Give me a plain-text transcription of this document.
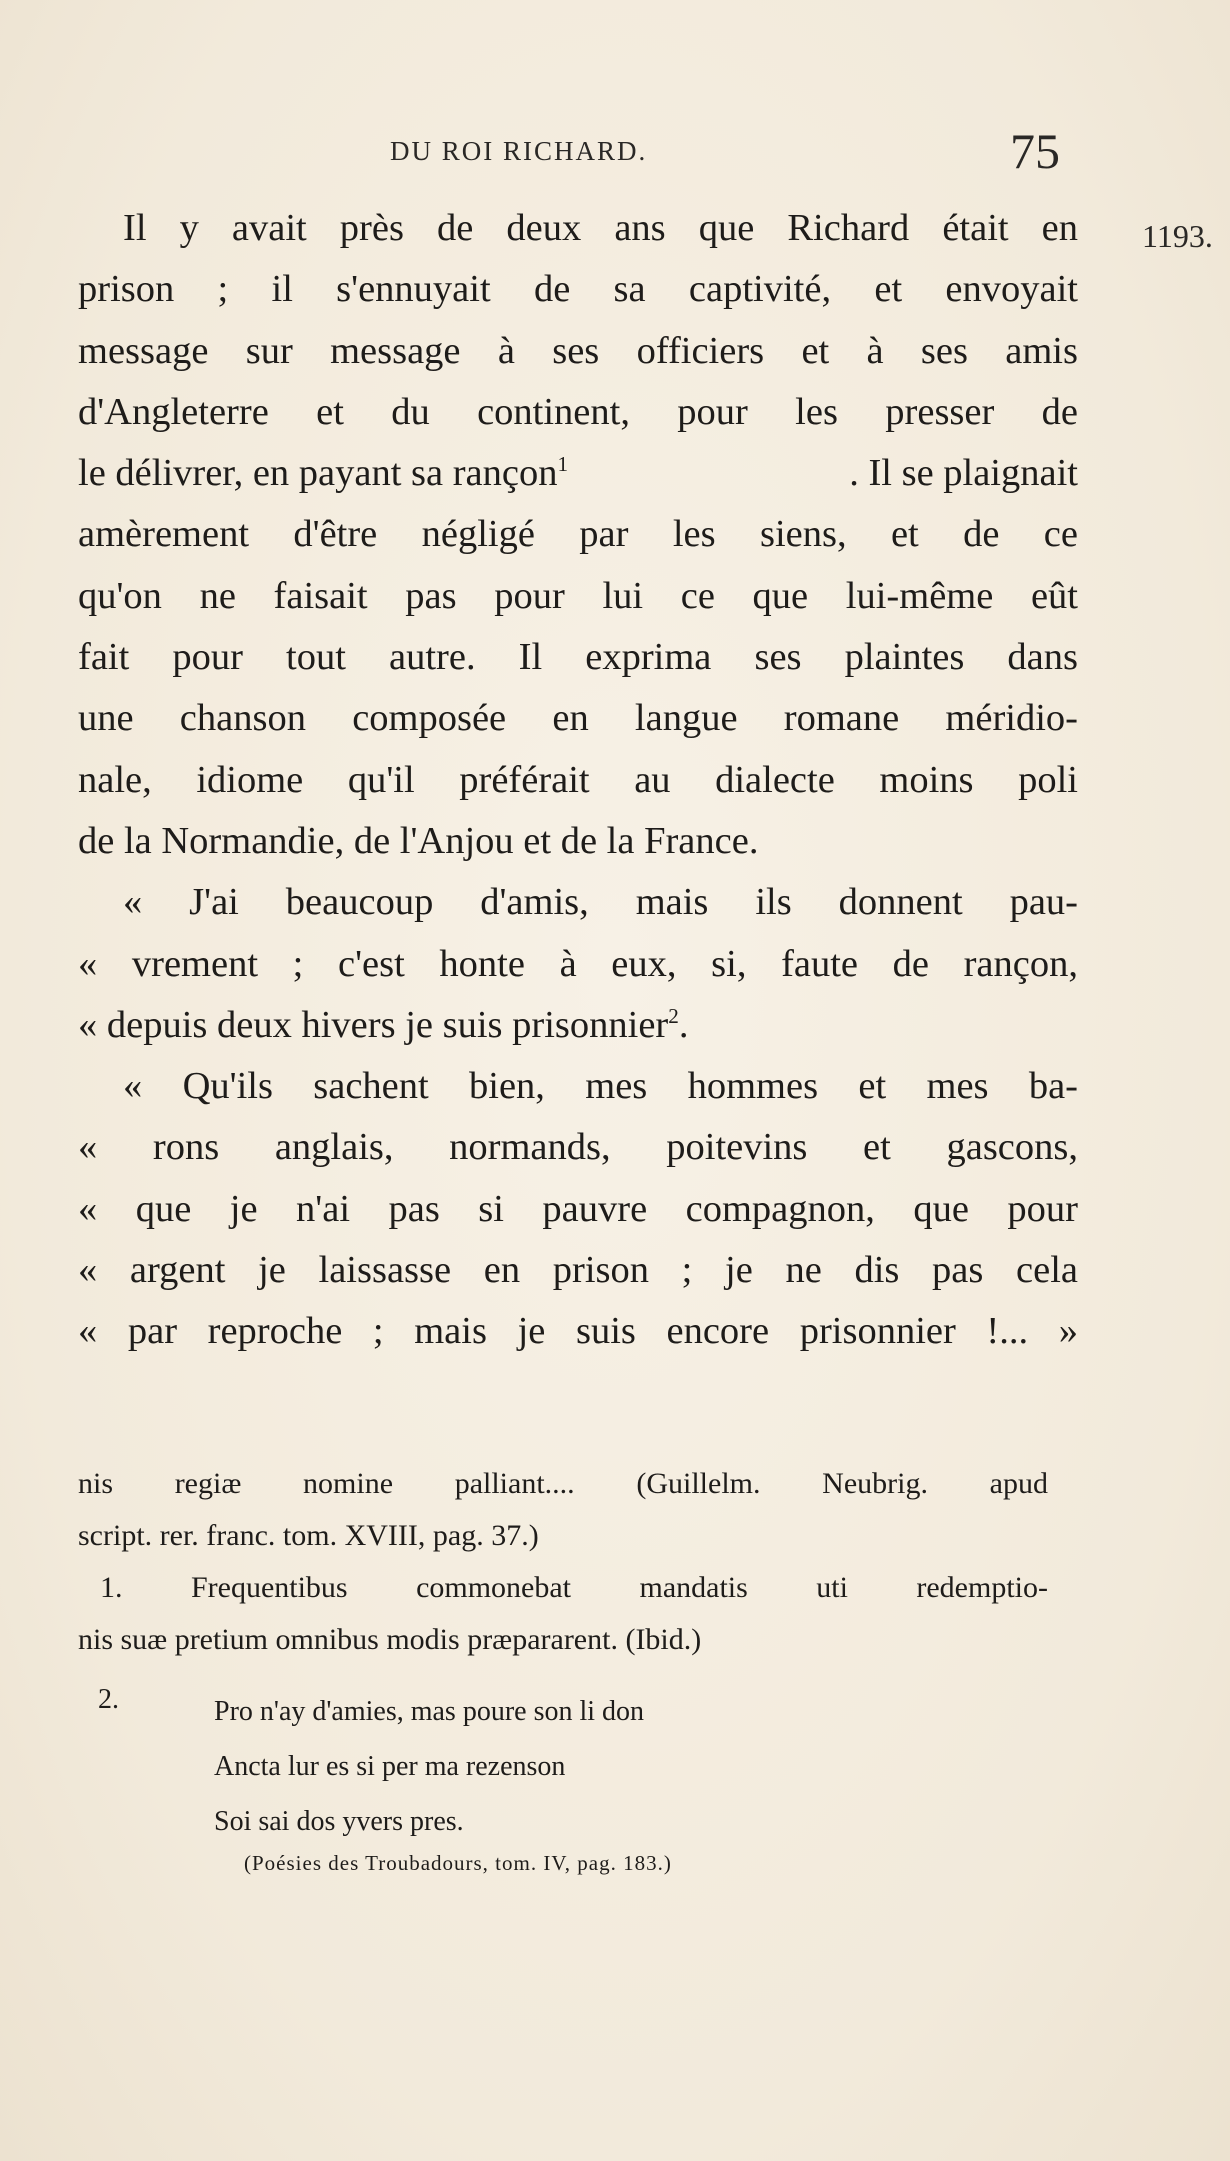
DU ROI RICHARD.	75
1193.
Il y avait près de deux ans que Richard était en
prison ; il s'ennuyait de sa captivité, et envoyait
message sur message à ses officiers et à ses amis
d'Angleterre et du continent, pour les presser de
le délivrer, en payant sa rançon$^1$	. Il se plaignait
amèrement d'être négligé par les siens, et de ce
qu'on ne faisait pas pour lui ce que lui-même eût
fait pour tout autre. Il exprima ses plaintes dans
une chanson composée en langue romane méridio-
nale, idiome qu'il préférait au dialecte moins poli
de la Normandie, de l'Anjou et de la France.
« J'ai beaucoup d'amis, mais ils donnent pau-
« vrement ; c'est honte à eux, si, faute de rançon,
« depuis deux hivers je suis prisonnier$^2$.
« Qu'ils sachent bien, mes hommes et mes ba-
« rons anglais, normands, poitevins et gascons,
« que je n'ai pas si pauvre compagnon, que pour
« argent je laissasse en prison ; je ne dis pas cela
« par reproche ; mais je suis encore prisonnier !... »
nis regiæ nomine palliant.... (Guillelm. Neubrig. apud
script. rer. franc. tom. XVIII, pag. 37.)
1. Frequentibus commonebat mandatis uti redemptio-
nis suæ pretium omnibus modis præpararent. (Ibid.)
2.	Pro n'ay d'amies, mas poure son li don
Ancta lur es si per ma rezenson
Soi sai dos yvers pres.
(Poésies des Troubadours, tom. IV, pag. 183.)
